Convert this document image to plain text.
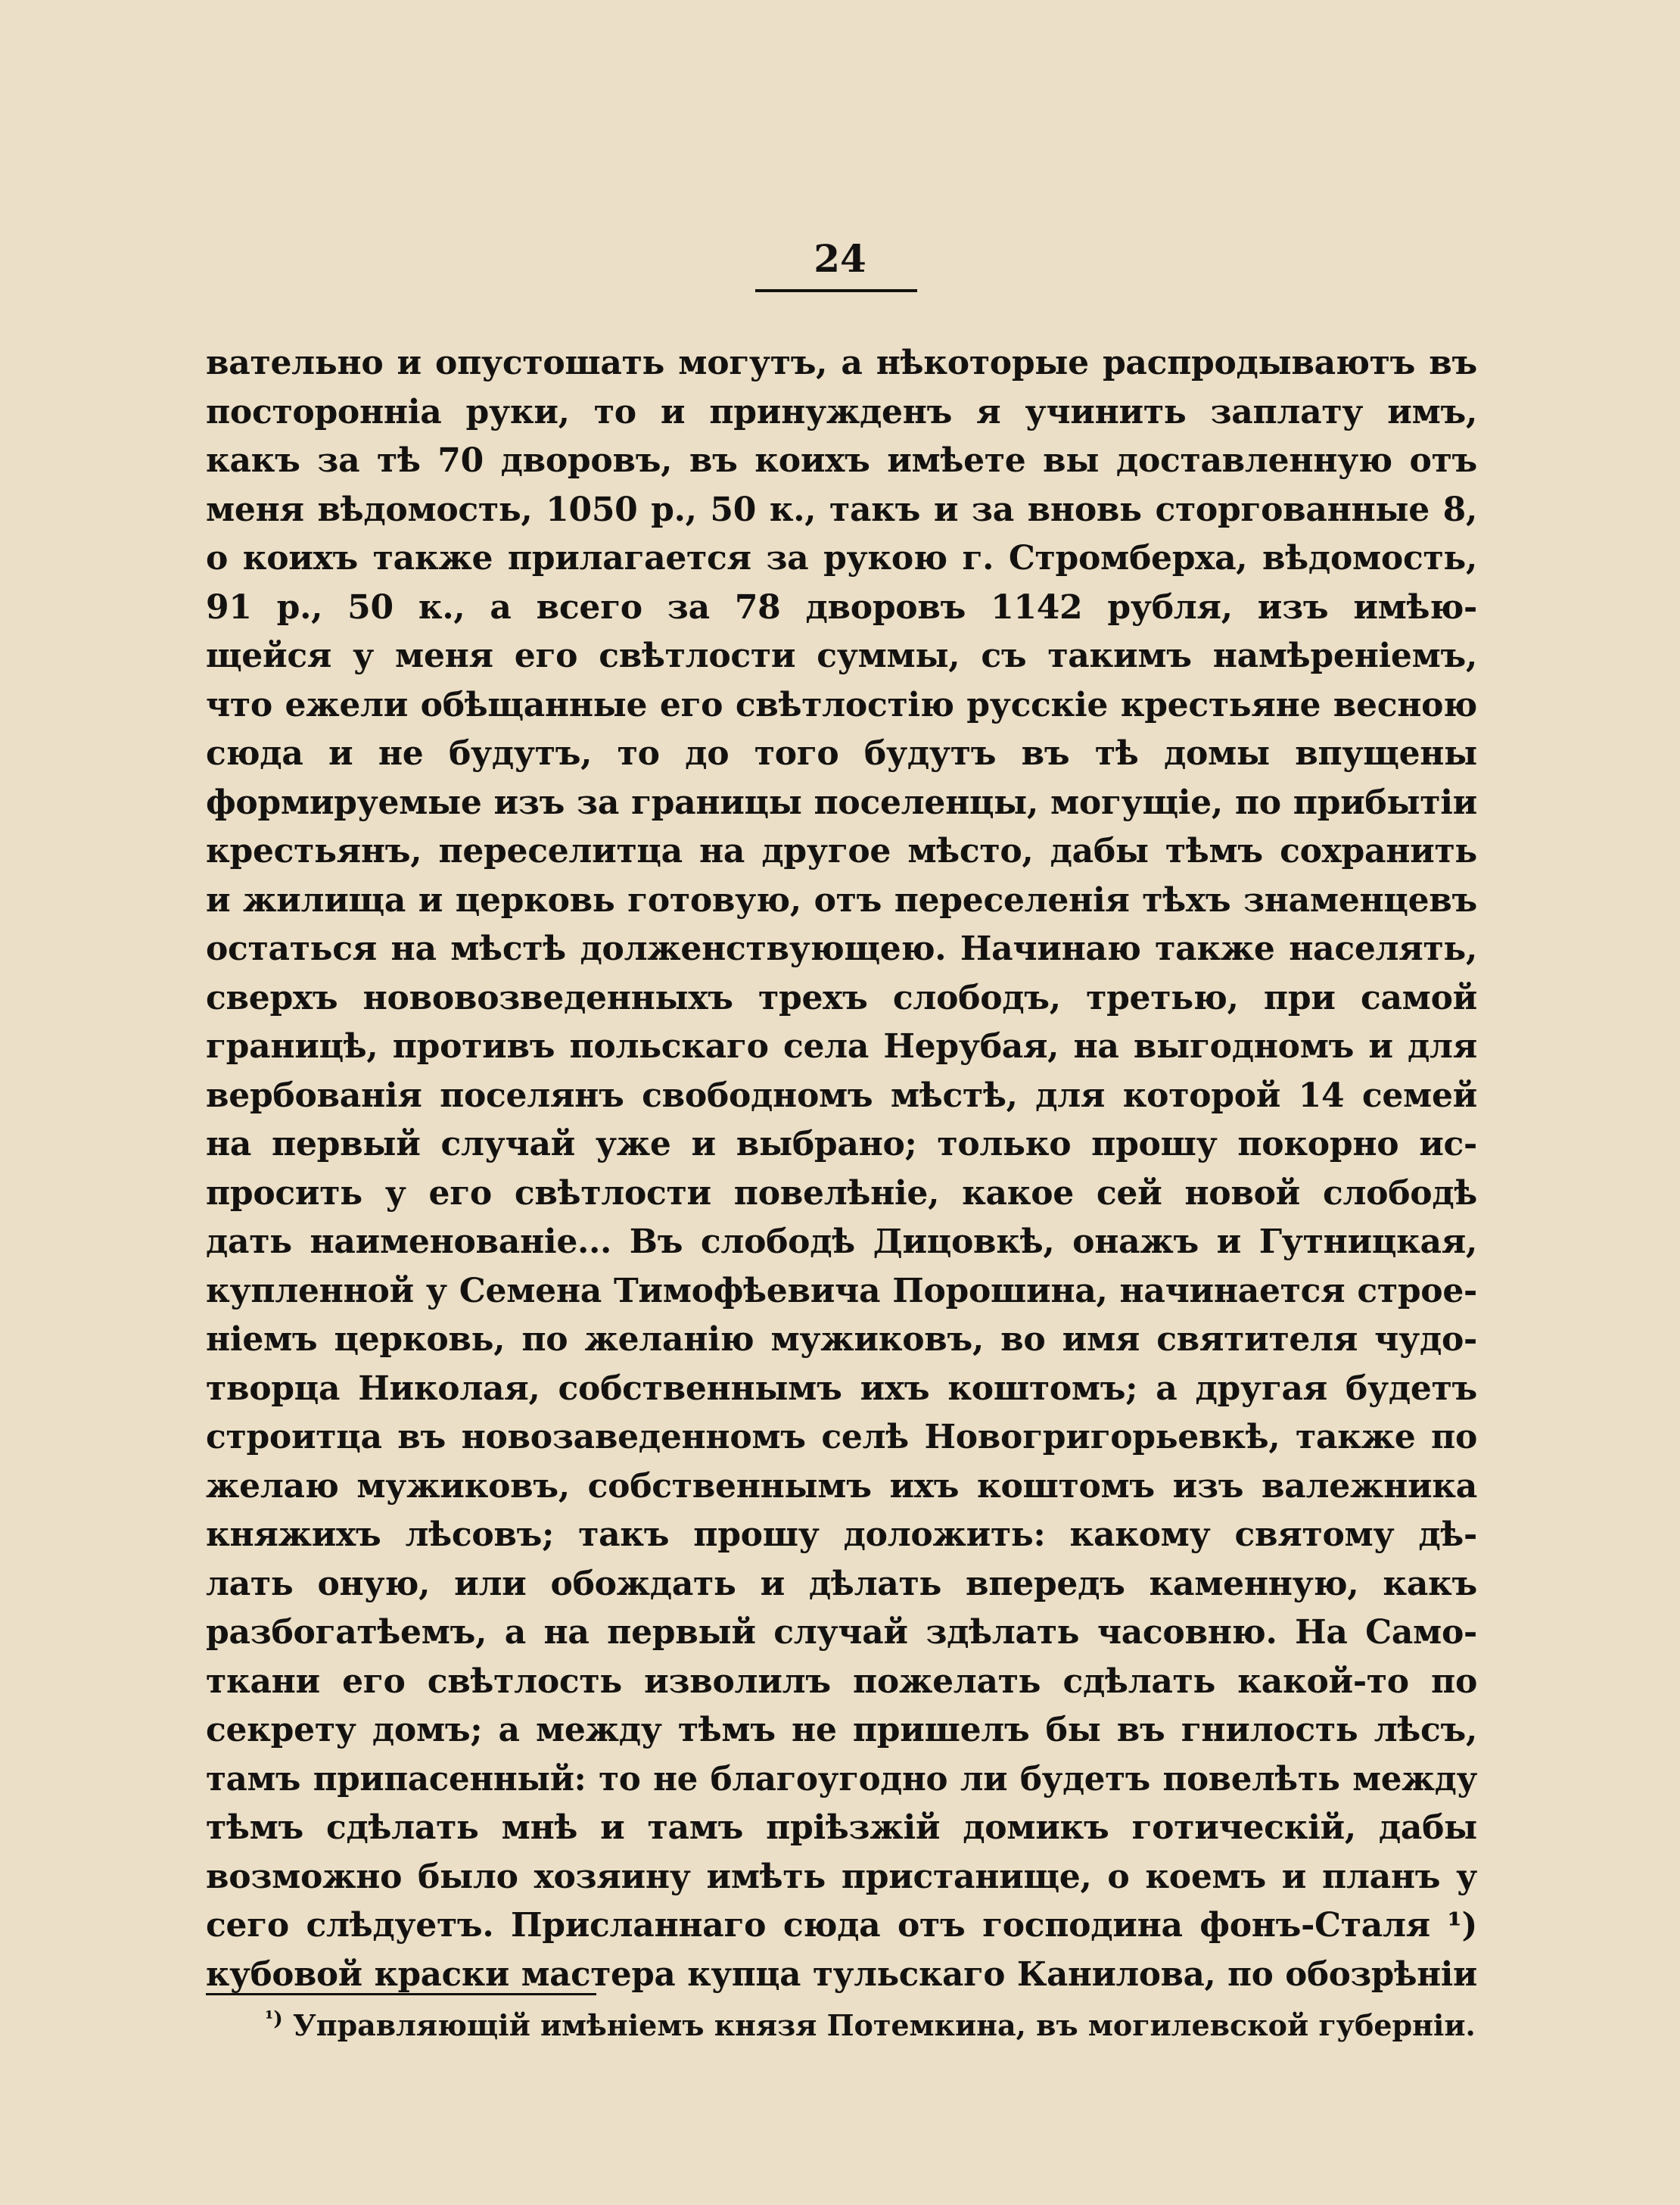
24
вательно и опустошать могутъ, а нѣкоторые распродываютъ въ
посторонніа руки, то и принужденъ я учинить заплату имъ,
какъ за тѣ 70 дворовъ, въ коихъ имѣете вы доставленную отъ
меня вѣдомость, 1050 р., 50 к., такъ и за вновь сторгованные 8,
о коихъ также прилагается за рукою г. Стромберха, вѣдомость,
91 р., 50 к., а всего за 78 дворовъ 1142 рубля, изъ имѣю-
щейся у меня его свѣтлости суммы, съ такимъ намѣреніемъ,
что ежели обѣщанные его свѣтлостію русскіе крестьяне весною
сюда и не будутъ, то до того будутъ въ тѣ домы впущены
формируемые изъ за границы поселенцы, могущіе, по прибытіи
крестьянъ, переселитца на другое мѣсто, дабы тѣмъ сохранить
и жилища и церковь готовую, отъ переселенія тѣхъ знаменцевъ
остаться на мѣстѣ долженствующею. Начинаю также населять,
сверхъ нововозведенныхъ трехъ слободъ, третью, при самой
границѣ, противъ польскаго села Нерубая, на выгодномъ и для
вербованія поселянъ свободномъ мѣстѣ, для которой 14 семей
на первый случай уже и выбрано; только прошу покорно ис-
просить у его свѣтлости повелѣніе, какое сей новой слободѣ
дать наименованіе... Въ слободѣ Дицовкѣ, онажъ и Гутницкая,
купленной у Семена Тимофѣевича Порошина, начинается строе-
ніемъ церковь, по желанію мужиковъ, во имя святителя чудо-
творца Николая, собственнымъ ихъ коштомъ; а другая будетъ
строитца въ новозаведенномъ селѣ Новогригорьевкѣ, также по
желаю мужиковъ, собственнымъ ихъ коштомъ изъ валежника
княжихъ лѣсовъ; такъ прошу доложить: какому святому дѣ-
лать оную, или обождать и дѣлать впередъ каменную, какъ
разбогатѣемъ, а на первый случай здѣлать часовню. На Само-
ткани его свѣтлость изволилъ пожелать сдѣлать какой-то по
секрету домъ; а между тѣмъ не пришелъ бы въ гнилость лѣсъ,
тамъ припасенный: то не благоугодно ли будетъ повелѣть между
тѣмъ сдѣлать мнѣ и тамъ пріѣзжій домикъ готическій, дабы
возможно было хозяину имѣть пристанище, о коемъ и планъ у
сего слѣдуетъ. Присланнаго сюда отъ господина фонъ-Сталя ¹)
кубовой краски мастера купца тульскаго Канилова, по обозрѣніи
$^{^1)}$ Управляющій имѣніемъ князя Потемкина, въ могилевской губерніи.
